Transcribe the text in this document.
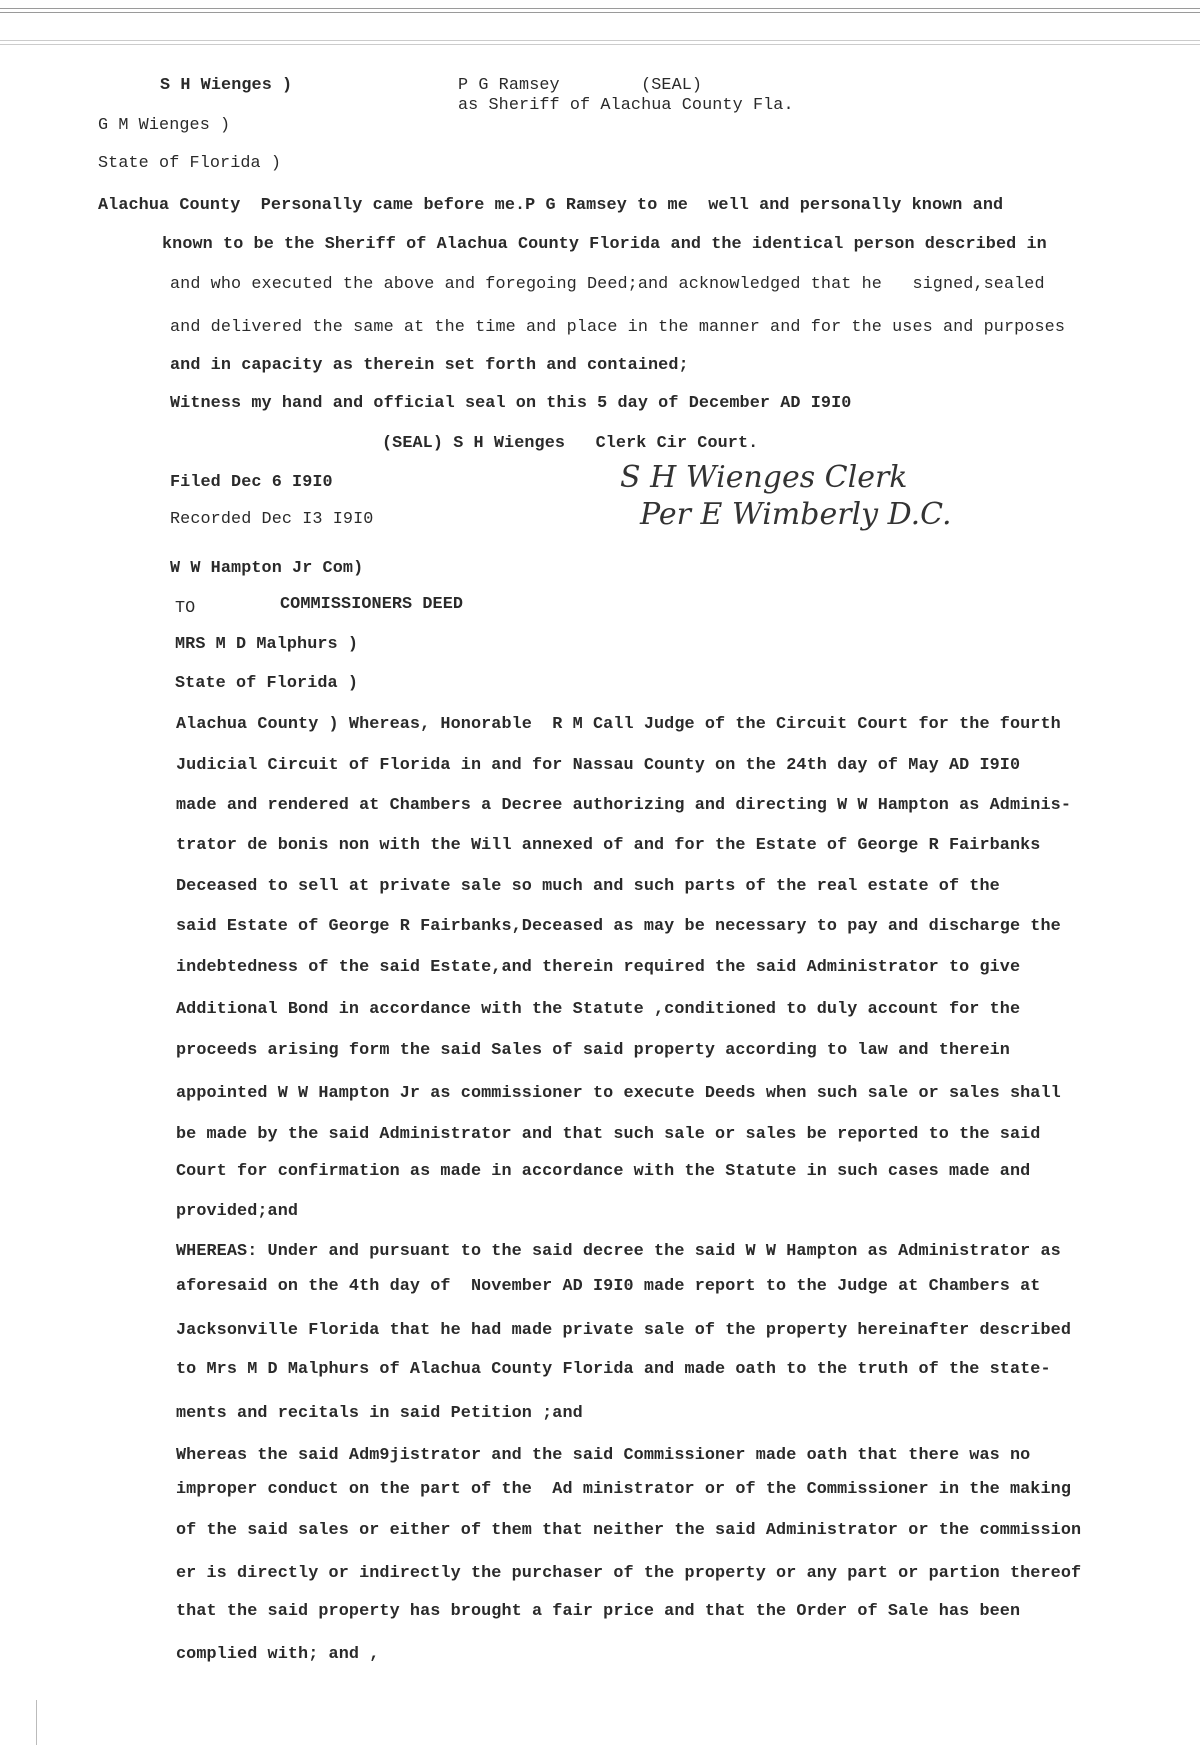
S H Wienges )	P G Ramsey        (SEAL)
as Sheriff of Alachua County Fla.
G M Wienges )
State of Florida )
Alachua County  Personally came before me.P G Ramsey to me  well and personally known and
known to be the Sheriff of Alachua County Florida and the identical person described in
and who executed the above and foregoing Deed;and acknowledged that he   signed,sealed
and delivered the same at the time and place in the manner and for the uses and purposes
and in capacity as therein set forth and contained;
Witness my hand and official seal on this 5 day of December AD I9I0
(SEAL) S H Wienges   Clerk Cir Court.
Filed Dec 6 I9I0
Recorded Dec I3 I9I0
W W Hampton Jr Com)
TO	COMMISSIONERS DEED
MRS M D Malphurs )
State of Florida )
Alachua County ) Whereas, Honorable  R M Call Judge of the Circuit Court for the fourth
Judicial Circuit of Florida in and for Nassau County on the 24th day of May AD I9I0
made and rendered at Chambers a Decree authorizing and directing W W Hampton as Adminis-
trator de bonis non with the Will annexed of and for the Estate of George R Fairbanks
Deceased to sell at private sale so much and such parts of the real estate of the
said Estate of George R Fairbanks,Deceased as may be necessary to pay and discharge the
indebtedness of the said Estate,and therein required the said Administrator to give
Additional Bond in accordance with the Statute ,conditioned to duly account for the
proceeds arising form the said Sales of said property according to law and therein
appointed W W Hampton Jr as commissioner to execute Deeds when such sale or sales shall
be made by the said Administrator and that such sale or sales be reported to the said
Court for confirmation as made in accordance with the Statute in such cases made and
provided;and
WHEREAS: Under and pursuant to the said decree the said W W Hampton as Administrator as
aforesaid on the 4th day of  November AD I9I0 made report to the Judge at Chambers at
Jacksonville Florida that he had made private sale of the property hereinafter described
to Mrs M D Malphurs of Alachua County Florida and made oath to the truth of the state-
ments and recitals in said Petition ;and
Whereas the said Adm9jistrator and the said Commissioner made oath that there was no
improper conduct on the part of the  Ad ministrator or of the Commissioner in the making
of the said sales or either of them that neither the said Administrator or the commission
er is directly or indirectly the purchaser of the property or any part or partion thereof
that the said property has brought a fair price and that the Order of Sale has been
complied with; and ,
S H Wienges Clerk
Per E Wimberly D.C.
